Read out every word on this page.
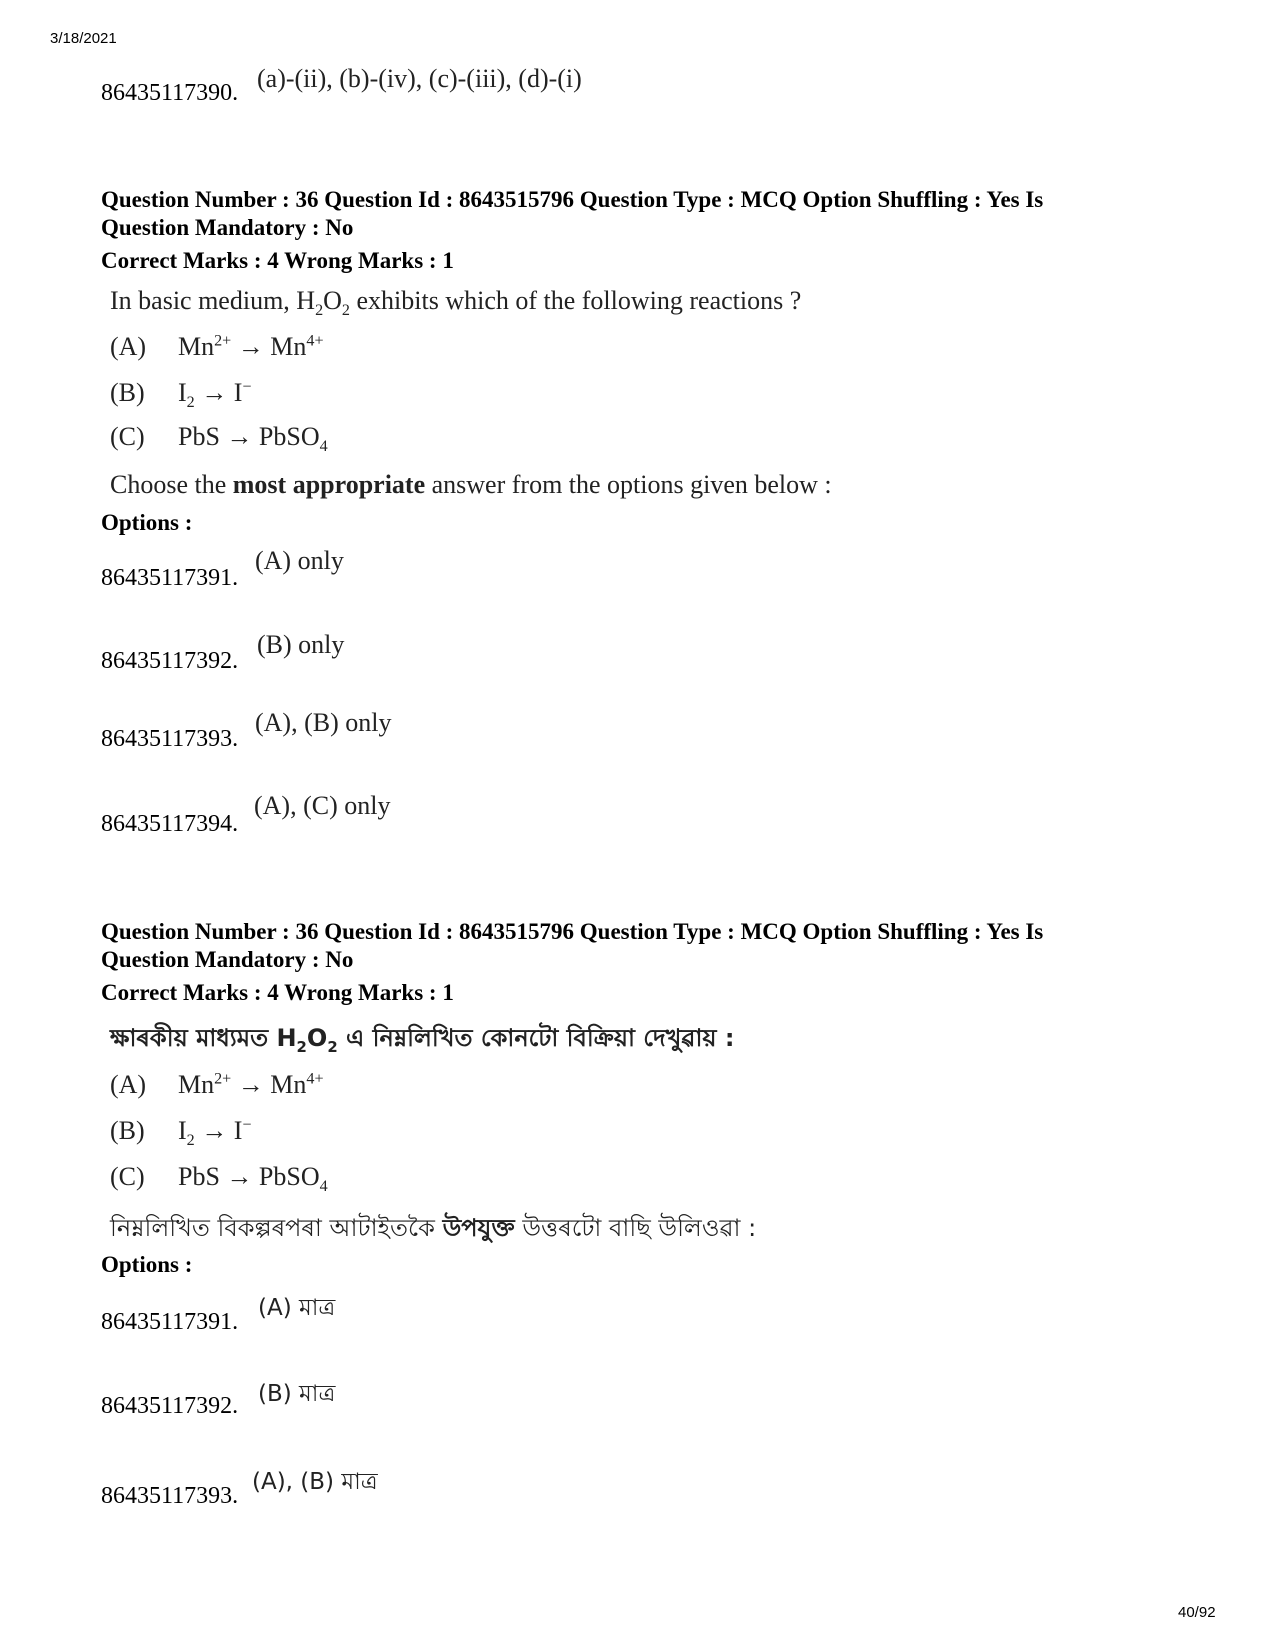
3/18/2021
86435117390. (a)-(ii), (b)-(iv), (c)-(iii), (d)-(i)
Question Number : 36 Question Id : 8643515796 Question Type : MCQ Option Shuffling : Yes Is
Question Mandatory : No
Correct Marks : 4 Wrong Marks : 1
In basic medium, $H_2O_2$ exhibits which of the following reactions ?
(A) $Mn^{2+} \to Mn^{4+}$
(B) $I_2 \to I^-$
(C) PbS → PbSO$_4$
Choose the most appropriate answer from the options given below :
Options :
86435117391.
(A) only
86435117392.
(B) only
86435117393.
(A), (B) only
86435117394.
(A), (C) only
Question Number : 36 Question Id : 8643515796 Question Type : MCQ Option Shuffling : Yes Is
Question Mandatory : No
Correct Marks : 4 Wrong Marks : 1
ক্ষাৰকীয় মাধ্যমত $H_2O_2$ এ নিম্নলিখিত কোনটো বিক্ৰিয়া দেখুৱায় :
(A) $Mn^{2+} \to Mn^{4+}$
(B) $I_2 \to I^-$
(C) PbS → PbSO$_4$
নিম্নলিখিত বিকল্পৰপৰা আটাইতকৈ উপযুক্ত উত্তৰটো বাছি উলিওৱা :
Options :
86435117391.
(A) মাত্ৰ
86435117392. (B) মাত্ৰ
86435117393.
(A), (B) মাত্ৰ
40/92
